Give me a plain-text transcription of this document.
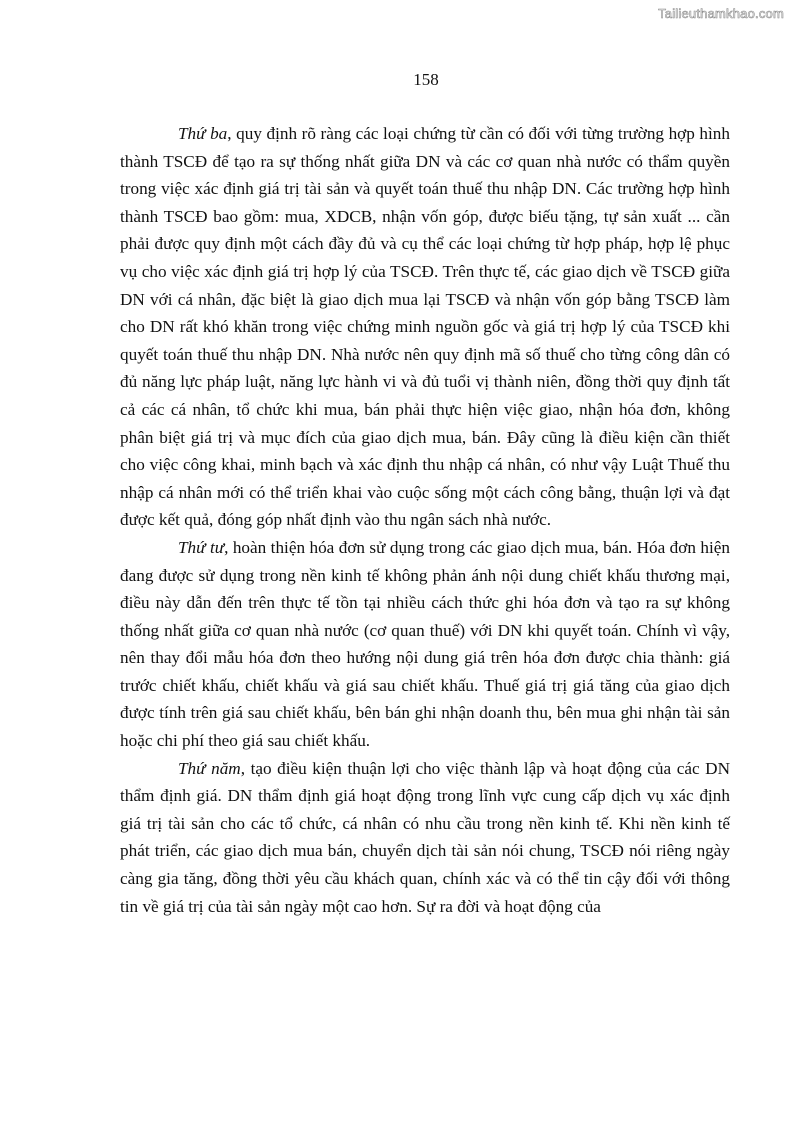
Tailieuthamkhao.com
158

Thứ ba, quy định rõ ràng các loại chứng từ cần có đối với từng trường hợp hình thành TSCĐ để tạo ra sự thống nhất giữa DN và các cơ quan nhà nước có thẩm quyền trong việc xác định giá trị tài sản và quyết toán thuế thu nhập DN. Các trường hợp hình thành TSCĐ bao gồm: mua, XDCB, nhận vốn góp, được biếu tặng, tự sản xuất ... cần phải được quy định một cách đầy đủ và cụ thể các loại chứng từ hợp pháp, hợp lệ phục vụ cho việc xác định giá trị hợp lý của TSCĐ. Trên thực tế, các giao dịch về TSCĐ giữa DN với cá nhân, đặc biệt là giao dịch mua lại TSCĐ và nhận vốn góp bằng TSCĐ làm cho DN rất khó khăn trong việc chứng minh nguồn gốc và giá trị hợp lý của TSCĐ khi quyết toán thuế thu nhập DN. Nhà nước nên quy định mã số thuế cho từng công dân có đủ năng lực pháp luật, năng lực hành vi và đủ tuổi vị thành niên, đồng thời quy định tất cả các cá nhân, tổ chức khi mua, bán phải thực hiện việc giao, nhận hóa đơn, không phân biệt giá trị và mục đích của giao dịch mua, bán. Đây cũng là điều kiện cần thiết cho việc công khai, minh bạch và xác định thu nhập cá nhân, có như vậy Luật Thuế thu nhập cá nhân mới có thể triển khai vào cuộc sống một cách công bằng, thuận lợi và đạt được kết quả, đóng góp nhất định vào thu ngân sách nhà nước.

Thứ tư, hoàn thiện hóa đơn sử dụng trong các giao dịch mua, bán. Hóa đơn hiện đang được sử dụng trong nền kinh tế không phản ánh nội dung chiết khấu thương mại, điều này dẫn đến trên thực tế tồn tại nhiều cách thức ghi hóa đơn và tạo ra sự không thống nhất giữa cơ quan nhà nước (cơ quan thuế) với DN khi quyết toán. Chính vì vậy, nên thay đổi mẫu hóa đơn theo hướng nội dung giá trên hóa đơn được chia thành: giá trước chiết khấu, chiết khấu và giá sau chiết khấu. Thuế giá trị giá tăng của giao dịch được tính trên giá sau chiết khấu, bên bán ghi nhận doanh thu, bên mua ghi nhận tài sản hoặc chi phí theo giá sau chiết khấu.

Thứ năm, tạo điều kiện thuận lợi cho việc thành lập và hoạt động của các DN thẩm định giá. DN thẩm định giá hoạt động trong lĩnh vực cung cấp dịch vụ xác định giá trị tài sản cho các tổ chức, cá nhân có nhu cầu trong nền kinh tế. Khi nền kinh tế phát triển, các giao dịch mua bán, chuyển dịch tài sản nói chung, TSCĐ nói riêng ngày càng gia tăng, đồng thời yêu cầu khách quan, chính xác và có thể tin cậy đối với thông tin về giá trị của tài sản ngày một cao hơn. Sự ra đời và hoạt động của
